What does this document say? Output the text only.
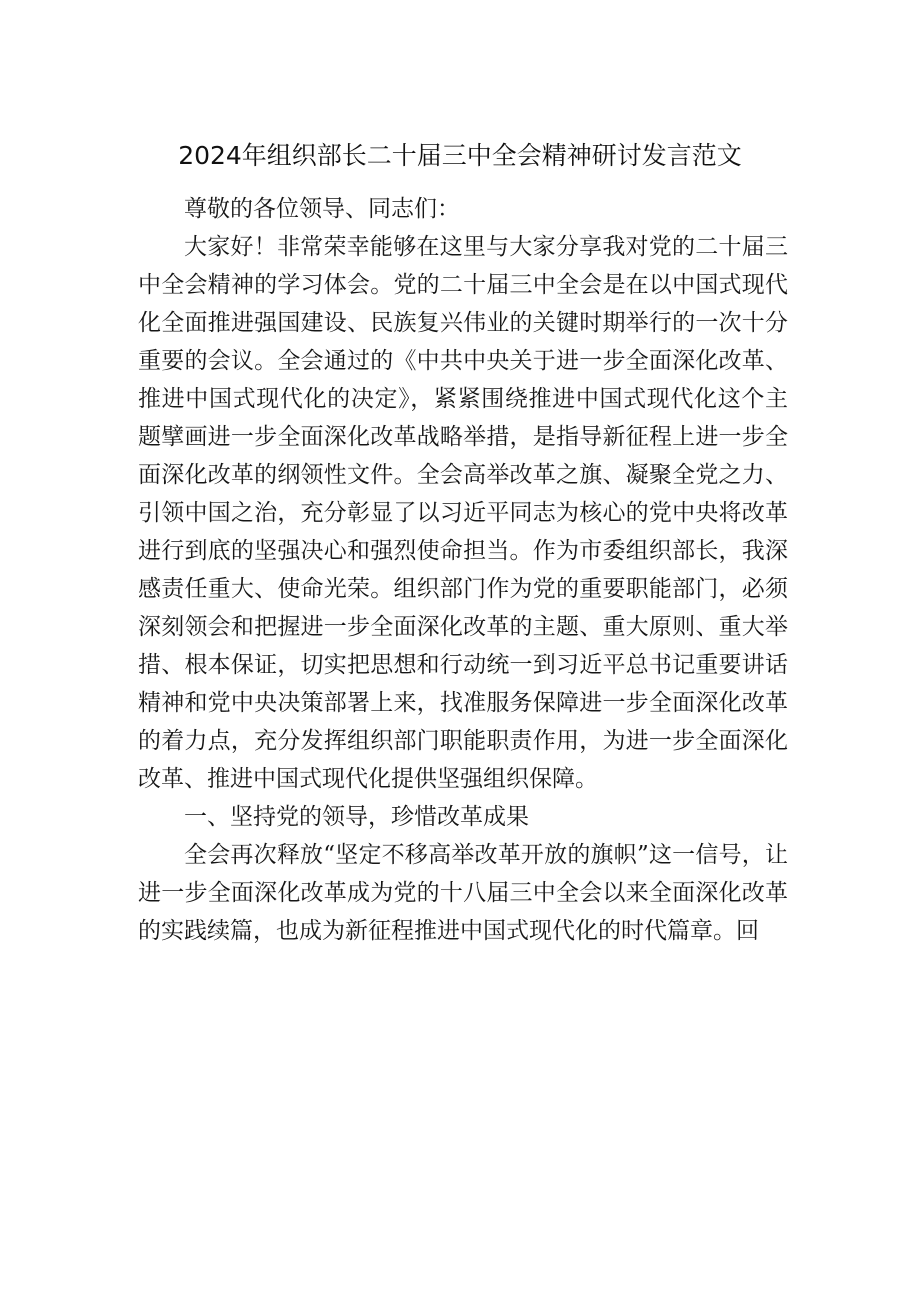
2024年组织部长二十届三中全会精神研讨发言范文

尊敬的各位领导、同志们：

大家好！非常荣幸能够在这里与大家分享我对党的二十届三中全会精神的学习体会。党的二十届三中全会是在以中国式现代化全面推进强国建设、民族复兴伟业的关键时期举行的一次十分重要的会议。全会通过的《中共中央关于进一步全面深化改革、推进中国式现代化的决定》，紧紧围绕推进中国式现代化这个主题擘画进一步全面深化改革战略举措，是指导新征程上进一步全面深化改革的纲领性文件。全会高举改革之旗、凝聚全党之力、引领中国之治，充分彰显了以习近平同志为核心的党中央将改革进行到底的坚强决心和强烈使命担当。作为市委组织部长，我深感责任重大、使命光荣。组织部门作为党的重要职能部门，必须深刻领会和把握进一步全面深化改革的主题、重大原则、重大举措、根本保证，切实把思想和行动统一到习近平总书记重要讲话精神和党中央决策部署上来，找准服务保障进一步全面深化改革的着力点，充分发挥组织部门职能职责作用，为进一步全面深化改革、推进中国式现代化提供坚强组织保障。

一、坚持党的领导，珍惜改革成果

全会再次释放“坚定不移高举改革开放的旗帜”这一信号，让进一步全面深化改革成为党的十八届三中全会以来全面深化改革的实践续篇，也成为新征程推进中国式现代化的时代篇章。回
